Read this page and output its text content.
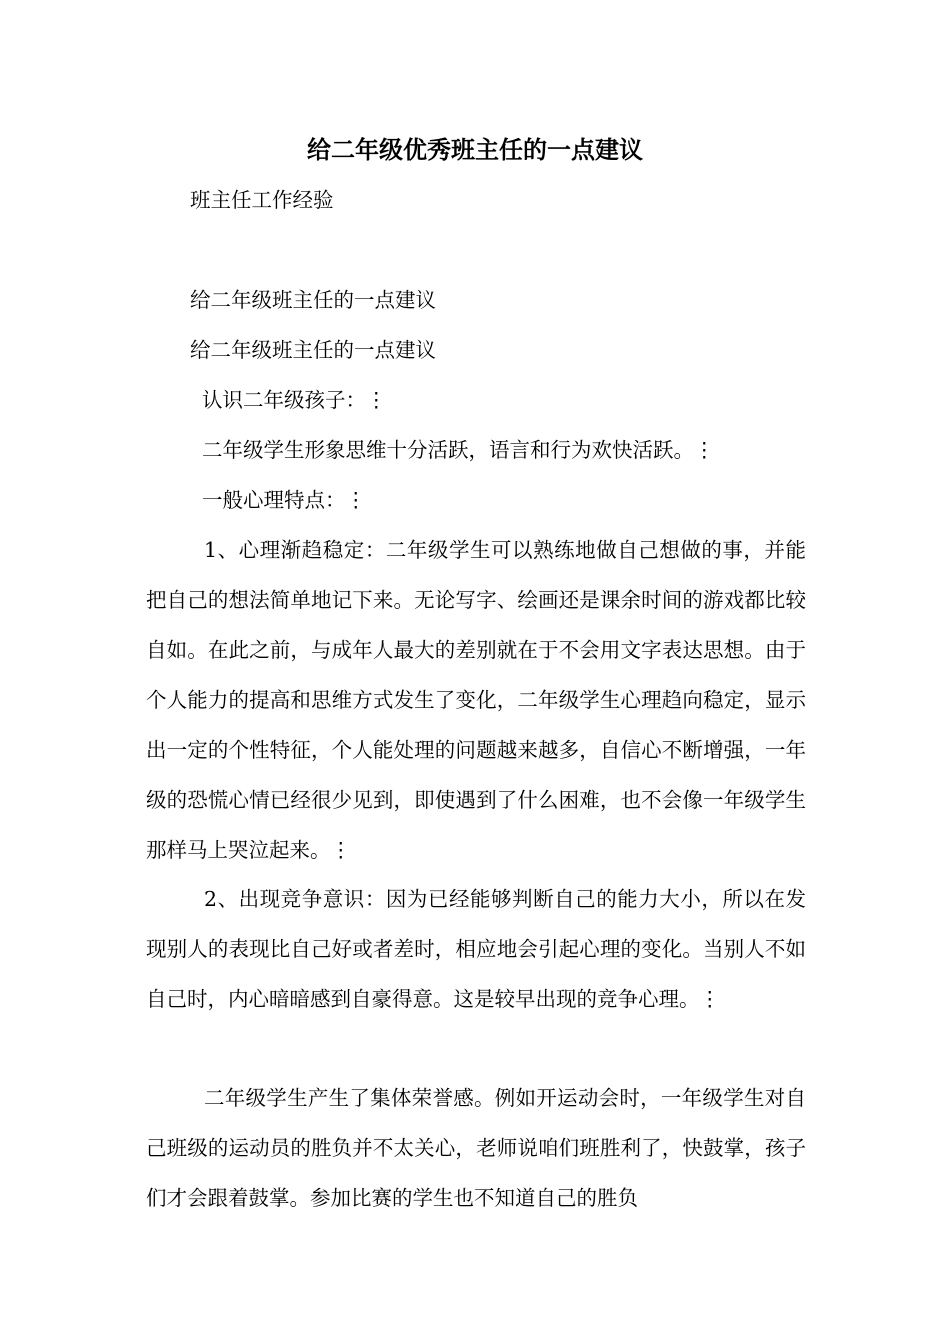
给二年级优秀班主任的一点建议
班主任工作经验
给二年级班主任的一点建议
给二年级班主任的一点建议
认识二年级孩子：⋮
二年级学生形象思维十分活跃，语言和行为欢快活跃。⋮
一般心理特点：⋮

1、心理渐趋稳定：二年级学生可以熟练地做自己想做的事，并能把自己的想法简单地记下来。无论写字、绘画还是课余时间的游戏都比较自如。在此之前，与成年人最大的差别就在于不会用文字表达思想。由于个人能力的提高和思维方式发生了变化，二年级学生心理趋向稳定，显示出一定的个性特征，个人能处理的问题越来越多，自信心不断增强，一年级的恐慌心情已经很少见到，即使遇到了什么困难，也不会像一年级学生那样马上哭泣起来。⋮

2、出现竞争意识：因为已经能够判断自己的能力大小，所以在发现别人的表现比自己好或者差时，相应地会引起心理的变化。当别人不如自己时，内心暗暗感到自豪得意。这是较早出现的竞争心理。⋮

二年级学生产生了集体荣誉感。例如开运动会时，一年级学生对自己班级的运动员的胜负并不太关心，老师说咱们班胜利了，快鼓掌，孩子们才会跟着鼓掌。参加比赛的学生也不知道自己的胜负
